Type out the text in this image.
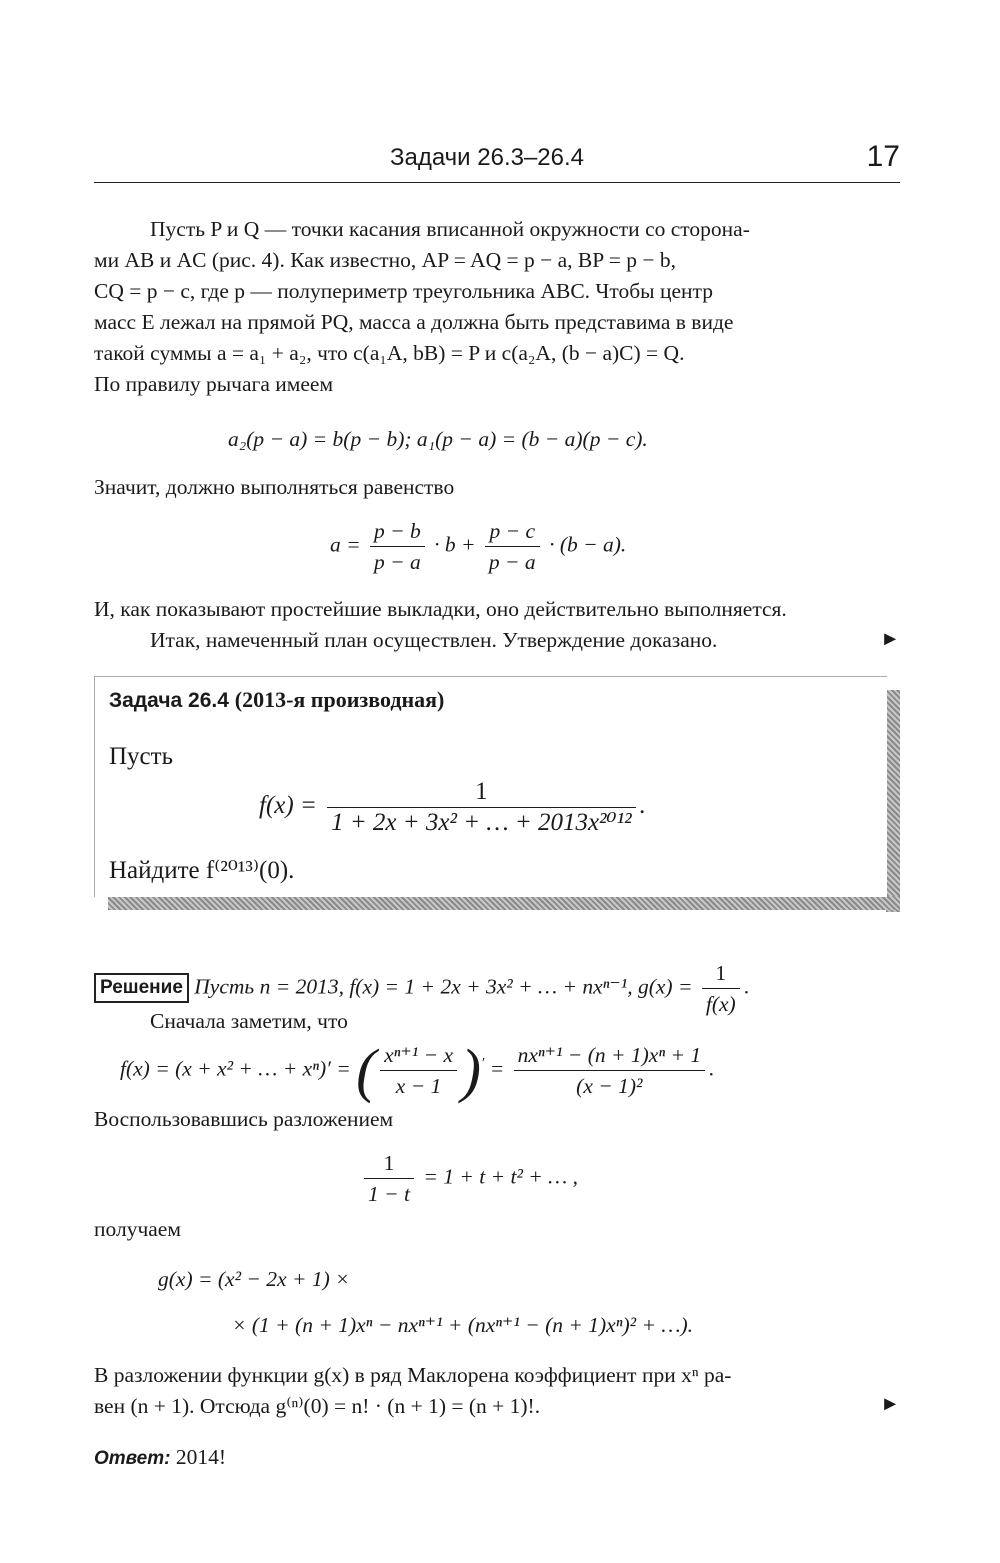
Задачи 26.3–26.4	17

Пусть P и Q — точки касания вписанной окружности со сторона-

ми AB и AC (рис. 4). Как известно, AP = AQ = p − a, BP = p − b,

CQ = p − c, где p — полупериметр треугольника ABC. Чтобы центр

масс E лежал на прямой PQ, масса a должна быть представима в виде

такой суммы a = a₁ + a₂, что c(a₁A, bB) = P и c(a₂A, (b − a)C) = Q.

По правилу рычага имеем

a₂(p − a) = b(p − b); a₁(p − a) = (b − a)(p − c).

Значит, должно выполняться равенство

$a = \frac{p - b}{p - a} \cdot b + \frac{p - c}{p - a} \cdot (b - a)$.

И, как показывают простейшие выкладки, оно действительно выполняется.

Итак, намеченный план осуществлен. Утверждение доказано.	►
Задача 26.4 (2013-я производная)
Пусть
$f(x) = \frac{1}{\text{1 + 2x + 3x² + … + 2013x²⁰¹²}}$ .
Найдите f⁽²⁰¹³⁾(0).
Решение Пусть n = 2013, f(x) = 1 + 2x + 3x² + … + nxⁿ⁻¹, $g(x) = \frac{1}{f(x)}$ .

Сначала заметим, что

f(x) = (x + x² + … + xⁿ)′ = ( $\frac{\text{xⁿ⁺¹ − x}}{x - 1} )' = \frac{\text{nxⁿ⁺¹ − (n + 1)xⁿ + 1}}{\text{(x − 1)²}}$ .

Воспользовавшись разложением

$\frac{1}{1 - t} = 1 + t + t^2$ + … ,

получаем

g(x) = (x² − 2x + 1) ×
× (1 + (n + 1)xⁿ − nxⁿ⁺¹ + (nxⁿ⁺¹ − (n + 1)xⁿ)² + …).

В разложении функции g(x) в ряд Маклорена коэффициент при xⁿ ра-

вен (n + 1). Отсюда g⁽ⁿ⁾(0) = n! · (n + 1) = (n + 1)!.	►
Ответ: 2014!
